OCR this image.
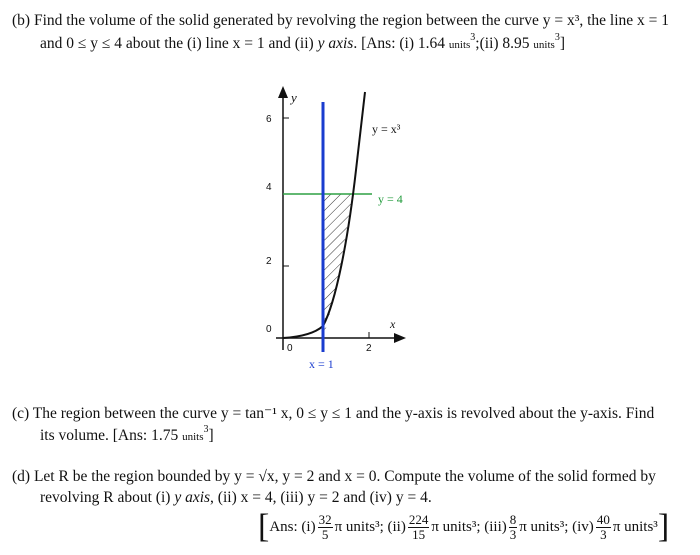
(b) Find the volume of the solid generated by revolving the region between the curve y = x³, the line x = 1
and 0 ≤ y ≤ 4 about the (i) line x = 1 and (ii) y axis. [Ans: (i) 1.64 units$^3$;(ii) 8.95 units$^3$]
y
x
6
4
2
0
0	2
y = x³
y = 4
x = 1
(c) The region between the curve y = tan⁻¹ x, 0 ≤ y ≤ 1 and the y-axis is revolved about the y-axis. Find
its volume. [Ans: 1.75 units$^3$]
(d) Let R be the region bounded by y = √x, y = 2 and x = 0. Compute the volume of the solid formed by
revolving R about (i) y axis, (ii) x = 4, (iii) y = 2 and (iv) y = 4.
[ Ans: $(i) \frac{32}{5}$ π units³; $(ii) \frac{224}{15}$ π units³; $(iii) \frac{8}{3}$ π units³; $(iv) \frac{40}{3}$ π units³ ]
